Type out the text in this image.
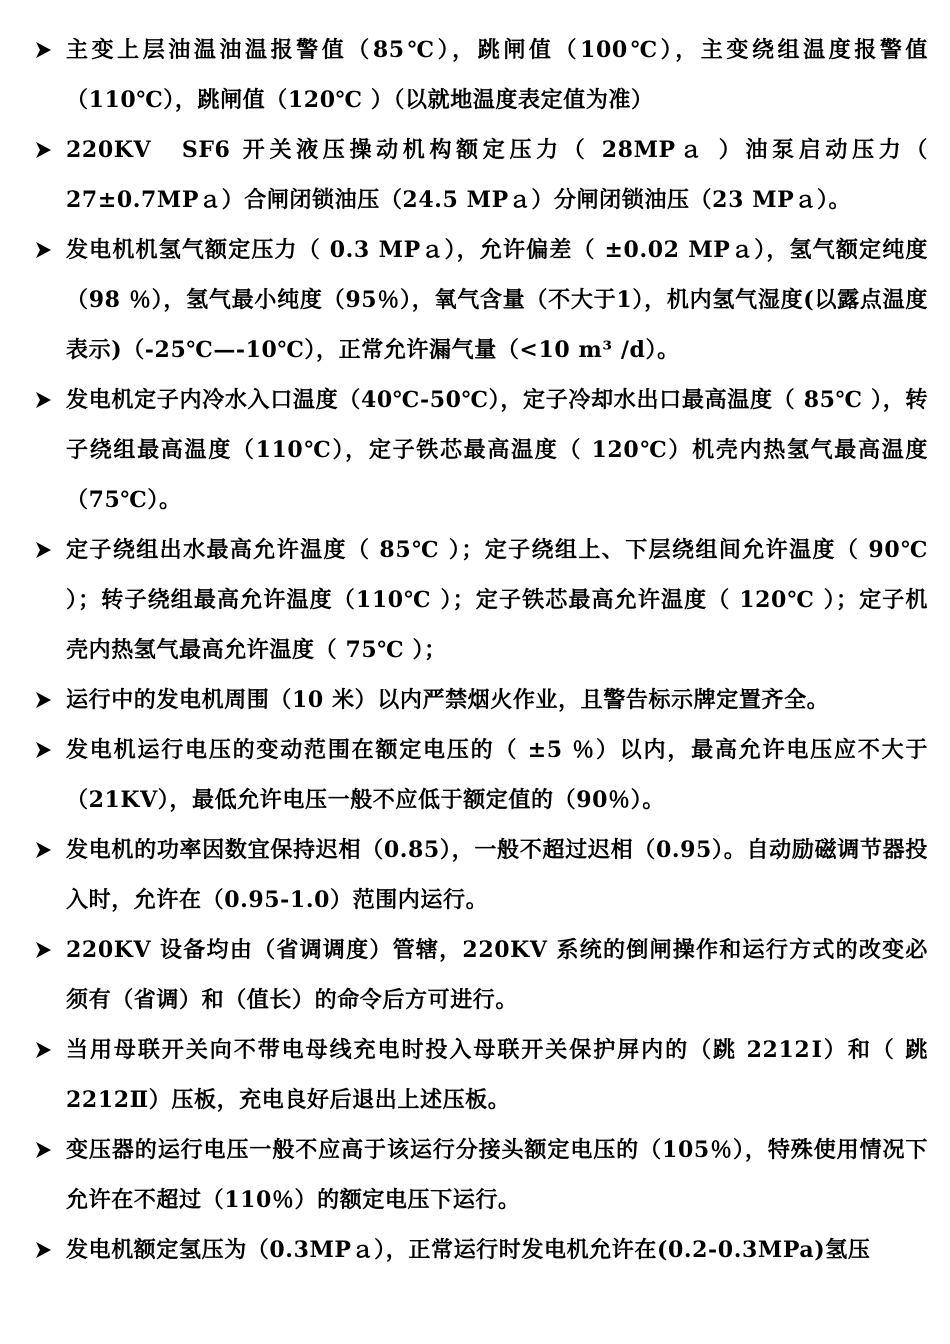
主变上层油温油温报警值（85℃），跳闸值（100℃），主变绕组温度报警值（110℃），跳闸值（120℃ ）（以就地温度表定值为准）
220KV　SF6 开关液压操动机构额定压力（ 28MPａ ）油泵启动压力（ 27±0.7MPａ）合闸闭锁油压（24.5 MPａ）分闸闭锁油压（23 MPａ）。
发电机机氢气额定压力（ 0.3 MPａ），允许偏差（ ±0.02 MPａ），氢气额定纯度（98 ％），氢气最小纯度（95％），氧气含量（不大于1），机内氢气湿度(以露点温度表示)（-25℃—-10℃），正常允许漏气量（<10 m³ /d）。
发电机定子内冷水入口温度（40℃-50℃），定子冷却水出口最高温度（ 85℃ ），转子绕组最高温度（110℃），定子铁芯最高温度（ 120℃）机壳内热氢气最高温度（75℃）。
定子绕组出水最高允许温度（ 85℃ ）；定子绕组上、下层绕组间允许温度（ 90℃ ）；转子绕组最高允许温度（110℃ ）；定子铁芯最高允许温度（ 120℃ ）；定子机壳内热氢气最高允许温度（ 75℃ ）；
运行中的发电机周围（10 米）以内严禁烟火作业，且警告标示牌定置齐全。
发电机运行电压的变动范围在额定电压的（ ±5 ％）以内，最高允许电压应不大于（21KV），最低允许电压一般不应低于额定值的（90％）。
发电机的功率因数宜保持迟相（0.85），一般不超过迟相（0.95）。自动励磁调节器投入时，允许在（0.95-1.0）范围内运行。
220KV 设备均由（省调调度）管辖，220KV 系统的倒闸操作和运行方式的改变必须有（省调）和（值长）的命令后方可进行。
当用母联开关向不带电母线充电时投入母联开关保护屏内的（跳 2212Ⅰ）和（ 跳 2212Ⅱ）压板，充电良好后退出上述压板。
变压器的运行电压一般不应高于该运行分接头额定电压的（105％），特殊使用情况下允许在不超过（110％）的额定电压下运行。
发电机额定氢压为（0.3MPａ），正常运行时发电机允许在(0.2-0.3MPa)氢压
